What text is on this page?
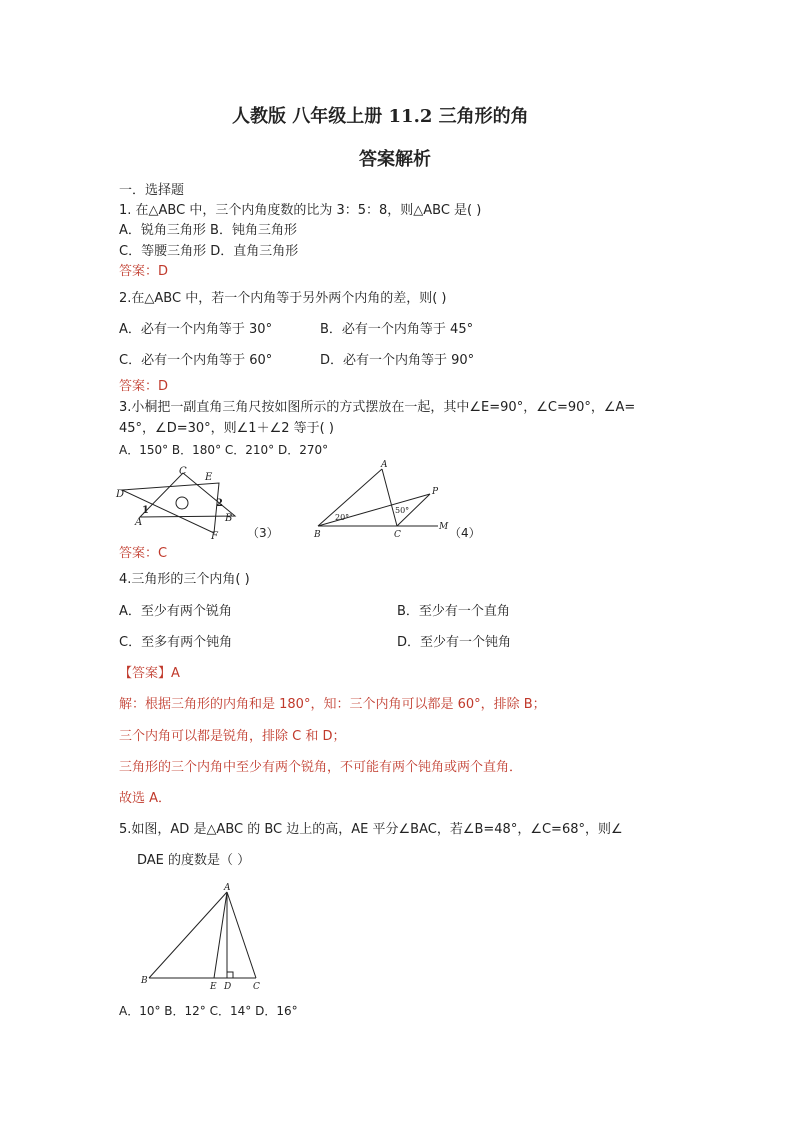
人教版 八年级上册 11.2 三角形的角
答案解析
一．选择题
1. 在△ABC 中，三个内角度数的比为 3：5：8，则△ABC 是( )
A．锐角三角形 B．钝角三角形
C．等腰三角形 D．直角三角形
答案：D
2.在△ABC 中，若一个内角等于另外两个内角的差，则( )
A．必有一个内角等于 30°	B．必有一个内角等于 45°
C．必有一个内角等于 60°	D．必有一个内角等于 90°
答案：D
3.小桐把一副直角三角尺按如图所示的方式摆放在一起，其中∠E=90°，∠C=90°，∠A=
45°，∠D=30°，则∠1＋∠2 等于( )
A．150° B．180° C．210° D．270°
C
E
D
A	B
F
1
2
（3）
A
P
B	C
M
20°
50°
（4）
答案：C
4.三角形的三个内角( )
A．至少有两个锐角	B．至少有一个直角
C．至多有两个钝角	D．至少有一个钝角
【答案】A
解：根据三角形的内角和是 180°，知：三个内角可以都是 60°，排除 B；
三个内角可以都是锐角，排除 C 和 D；
三角形的三个内角中至少有两个锐角，不可能有两个钝角或两个直角．
故选 A．
5.如图，AD 是△ABC 的 BC 边上的高，AE 平分∠BAC，若∠B=48°，∠C=68°，则∠
DAE 的度数是（ ）
A
B
E D C
A．10° B．12° C．14° D．16°
